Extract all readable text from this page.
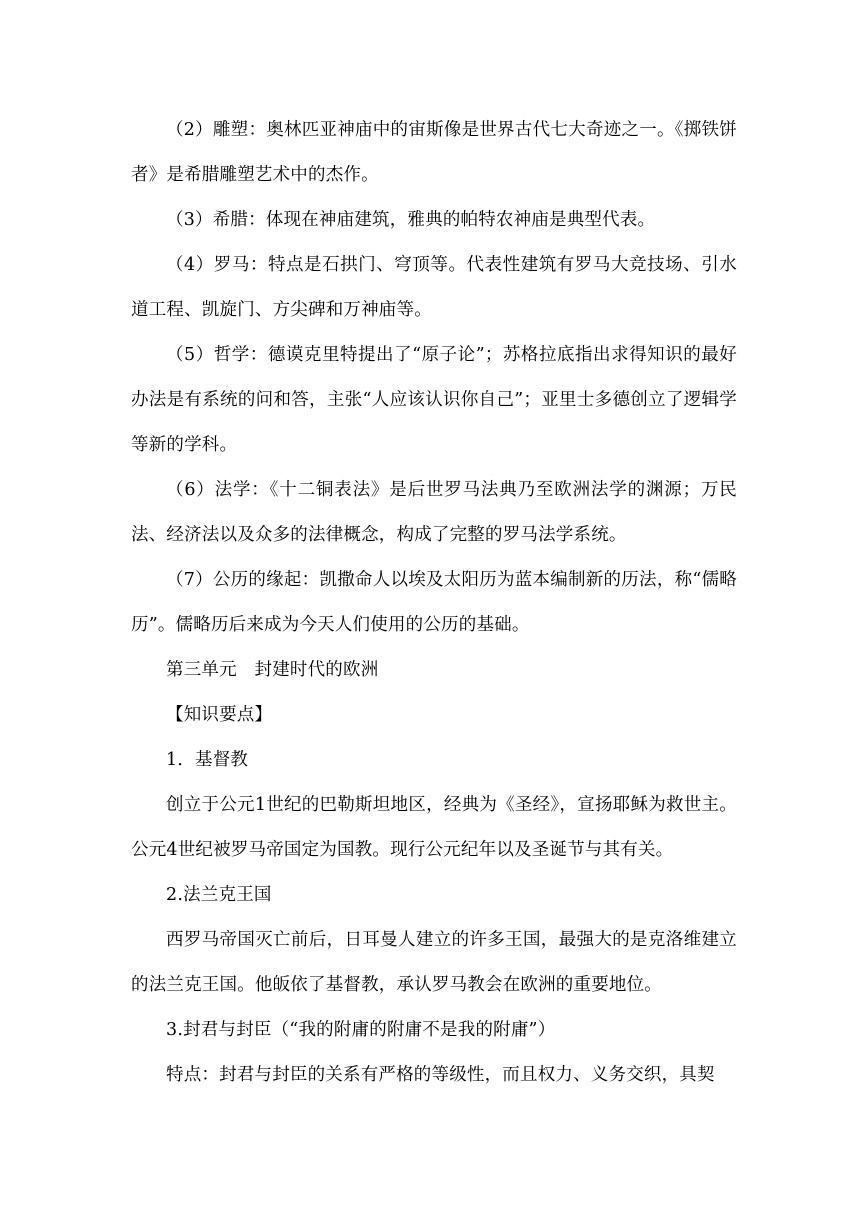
（2）雕塑：奥林匹亚神庙中的宙斯像是世界古代七大奇迹之一。《掷铁饼者》是希腊雕塑艺术中的杰作。

（3）希腊：体现在神庙建筑，雅典的帕特农神庙是典型代表。

（4）罗马：特点是石拱门、穹顶等。代表性建筑有罗马大竞技场、引水道工程、凯旋门、方尖碑和万神庙等。

（5）哲学：德谟克里特提出了“原子论”；苏格拉底指出求得知识的最好办法是有系统的问和答，主张“人应该认识你自己”；亚里士多德创立了逻辑学等新的学科。

（6）法学：《十二铜表法》是后世罗马法典乃至欧洲法学的渊源；万民法、经济法以及众多的法律概念，构成了完整的罗马法学系统。

（7）公历的缘起：凯撒命人以埃及太阳历为蓝本编制新的历法，称“儒略历”。儒略历后来成为今天人们使用的公历的基础。

第三单元　封建时代的欧洲

【知识要点】

1．基督教

创立于公元1世纪的巴勒斯坦地区，经典为《圣经》，宣扬耶稣为救世主。公元4世纪被罗马帝国定为国教。现行公元纪年以及圣诞节与其有关。

2.法兰克王国

西罗马帝国灭亡前后，日耳曼人建立的许多王国，最强大的是克洛维建立的法兰克王国。他皈依了基督教，承认罗马教会在欧洲的重要地位。

3.封君与封臣（“我的附庸的附庸不是我的附庸”）

特点：封君与封臣的关系有严格的等级性，而且权力、义务交织，具契
